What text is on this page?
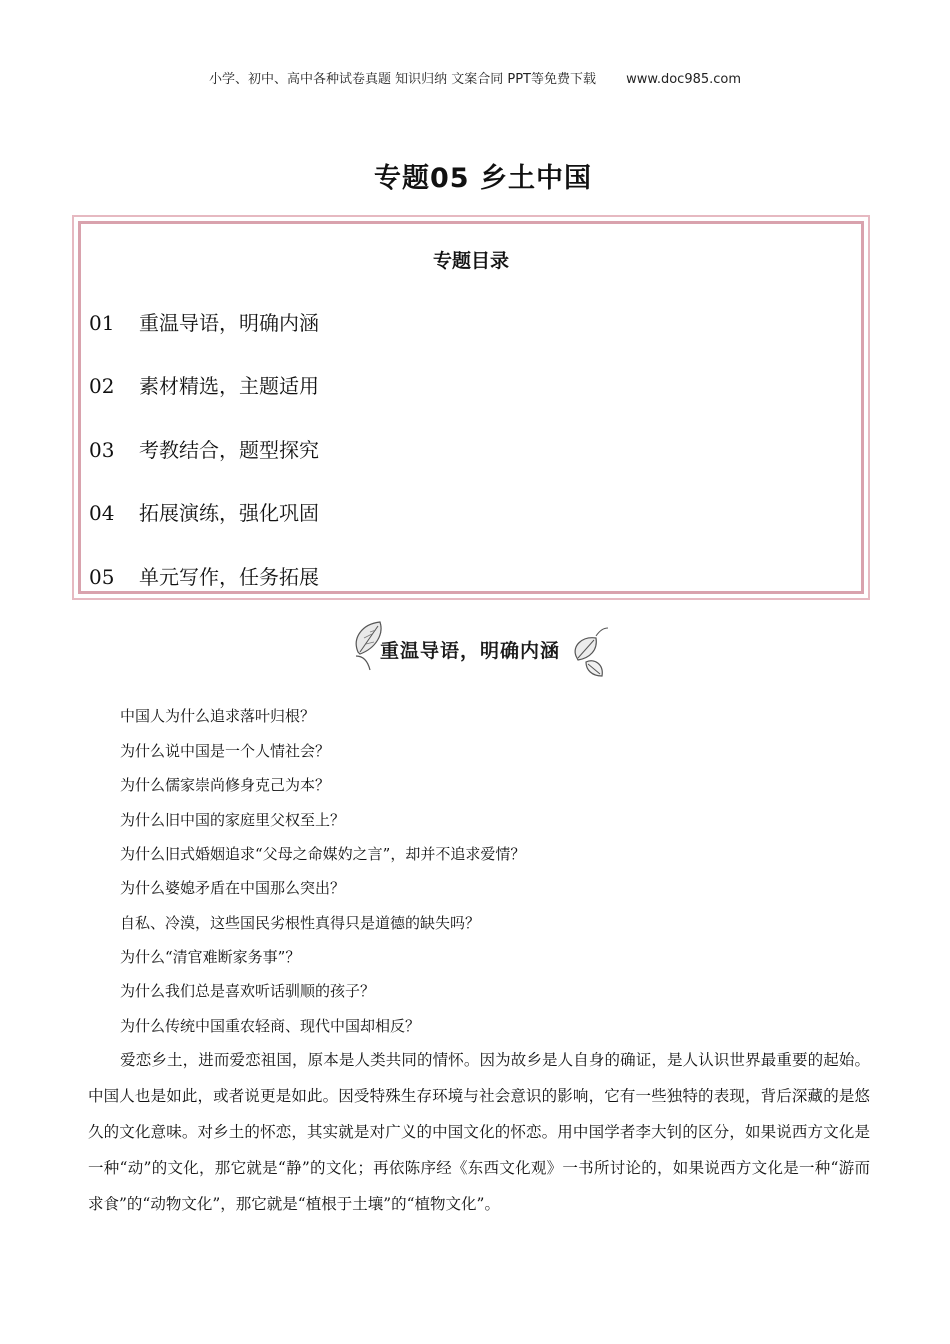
小学、初中、高中各种试卷真题 知识归纳 文案合同 PPT等免费下载 www.doc985.com
专题05 乡土中国
专题目录
01 重温导语，明确内涵
02 素材精选，主题适用
03 考教结合，题型探究
04 拓展演练，强化巩固
05 单元写作，任务拓展
重温导语，明确内涵
中国人为什么追求落叶归根？
为什么说中国是一个人情社会？
为什么儒家崇尚修身克己为本？
为什么旧中国的家庭里父权至上？
为什么旧式婚姻追求“父母之命媒妁之言”，却并不追求爱情？
为什么婆媳矛盾在中国那么突出？
自私、冷漠，这些国民劣根性真得只是道德的缺失吗？
为什么“清官难断家务事”？
为什么我们总是喜欢听话驯顺的孩子？
为什么传统中国重农轻商、现代中国却相反？
爱恋乡土，进而爱恋祖国，原本是人类共同的情怀。因为故乡是人自身的确证，是人认识世界最重要的起始。中国人也是如此，或者说更是如此。因受特殊生存环境与社会意识的影响，它有一些独特的表现，背后深藏的是悠久的文化意味。对乡土的怀恋，其实就是对广义的中国文化的怀恋。用中国学者李大钊的区分，如果说西方文化是一种“动”的文化，那它就是“静”的文化；再依陈序经《东西文化观》一书所讨论的，如果说西方文化是一种“游而求食”的“动物文化”，那它就是“植根于土壤”的“植物文化”。
